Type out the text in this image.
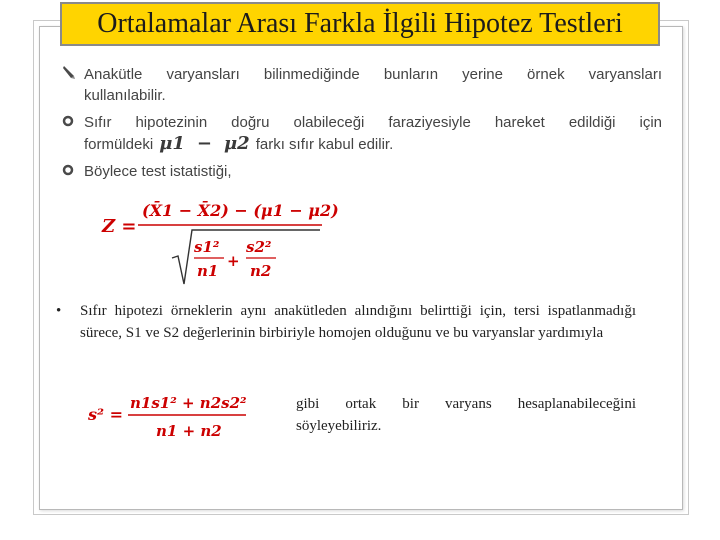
Ortalamalar Arası Farkla İlgili Hipotez Testleri
Anakütle varyansları bilinmediğinde bunların yerine örnek varyansları
kullanılabilir.
Sıfır hipotezinin doğru olabileceği faraziyesiyle hareket edildiği için
formüldeki μ1 − μ2 farkı sıfır kabul edilir.
Böylece test istatistiği,
Z =
(X̄1 − X̄2) − (μ1 − μ2)
s1²
n1
+
s2²
n2
•	Sıfır hipotezi örneklerin aynı anakütleden alındığını belirttiği için, tersi ispatlanmadığı sürece, S1 ve S2 değerlerinin birbiriyle homojen olduğunu ve bu varyanslar yardımıyla
s² =
n1s1² + n2s2²
n1 + n2
gibi ortak bir varyans hesaplanabileceğini
söyleyebiliriz.
